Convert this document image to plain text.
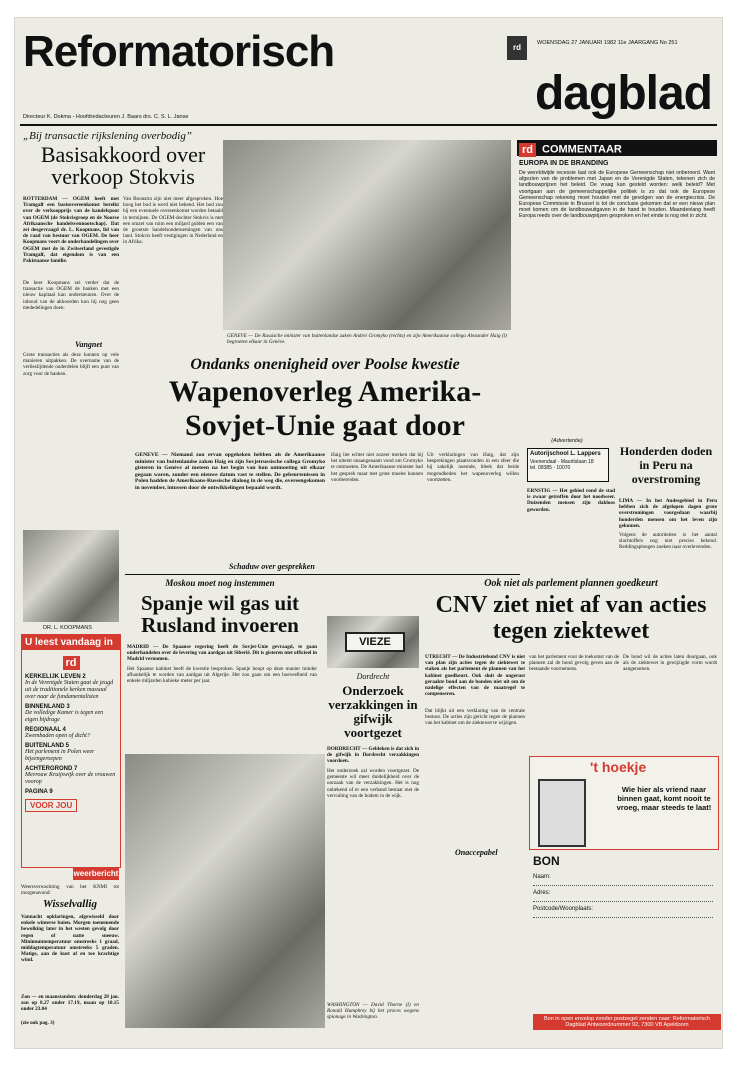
Reformatorisch	rd	WOENSDAG 27 JANUARI 1982 11e JAARGANG No 251
dagblad
Directeur K. Dokma - Hoofdredacteuren J. Baars drs. C. S. L. Janse
„Bij transactie rijkslening overbodig”
Basisakkoord over verkoop Stokvis
ROTTERDAM — OGEM heeft met Tramgalf een basisovereenkomst bereikt over de verkoopprijs van de kandelspoot van OGEM (de Stokvisgroep en de Noorse Afrikaansche handelsvennootschap). Dat zei desgevraagd dr. L. Koopmans, lid van de raad van bestuur van OGEM. De heer Koopmans voert de onderhandelingen over OGEM met de in Zwitserland gevestigde Tramgalf, dat eigendom is van een Pakistaanse familie.
De heer Koopmans zei verder dat de transactie van OGEM de banken met een nieuw kapitaal kan ondersteunen. Over de inhoud van de akkoorden kon hij nog geen mededelingen doen.
Vangnet
Grote transacties als deze kunnen op vele manieren uitpakken. De overname van de verlieslijdende onderdelen blijft een punt van zorg voor de banken.
Van Boonstra zijn niet meer afgesproken. Hoe hoog het bod is werd niet bekend. Het bod zou bij een eventuele overeenkomst worden betaald in termijnen. De OGEM-dochter Stokvis is met een omzet van ruim een miljard gulden een van de grootste handelsondernemingen van ons land. Stokvis heeft vestigingen in Nederland en in Afrika.
DR. L. KOOPMANS
GENEVE — De Russische minister van buitenlandse zaken Andrei Gromyko (rechts) en zijn Amerikaanse collega Alexander Haig (l) begroeten elkaar in Genève.
Ondanks onenigheid over Poolse kwestie
Wapenoverleg Amerika-
Sovjet-Unie gaat door
GENEVE — Niemand zou ervan opgekeken hebben als de Amerikaanse minister van buitenlandse zaken Haig en zijn Sovjetrussische collega Gromyko gisteren in Genève al meteen na het begin van hun ontmoeting uit elkaar gegaan waren, zonder een nieuwe datum vast te stellen. De gebeurtenissen in Polen hadden de Amerikaans-Russische dialoog in de weg die, overeengekomen in november, intussen door de ontwikkelingen bepaald wordt.
Haig liet echter niet zozeer merken dat hij het uiterst onaangenaam vond om Gromyko te ontmoeten. De Amerikaanse minister had het gesprek maar met grote moeite kunnen voorbereiden.
Uit verklaringen van Haig, dat zijn besprekingen plaatsvonden in een sfeer die hij zakelijk noemde, bleek dat beide mogendheden het wapenoverleg willen voortzetten.
Schaduw over gesprekken
U leest vandaag in
rd
KERKELIJK LEVEN 2
In de Verenigde Staten gaat de jeugd uit de traditionele kerken massaal over naar de fundamentalisten
BINNENLAND 3
De volledige Kamer is tegen een eigen bijdrage
REGIONAAL 4
Zwembaden open of dicht?
BUITENLAND 5
Het parlement in Polen weer bijeengeroepen
ACHTERGROND 7
Mevrouw Kruijswijk over de vrouwen voorop
PAGINA 9
VOOR JOU
weerbericht
Weersverwachting van het KNMI tot morgenavond:
Wisselvallig
Vannacht opklaringen, afgewisseld door enkele winterse buien. Morgen toenemende bewolking later in het westen gevolg door regen of natte sneeuw. Minimumtemperatuur omstreeks 1 graad, middagtemperatuur omstreeks 5 graden. Matige, aan de kust af en toe krachtige wind.
Zon — en maanstanden: donderdag 28 jan. zon op 8.27 onder 17.19, maan op 10.15 onder 23.04
(zie ook pag. 3)
Moskou moet nog instemmen
Spanje wil gas uit Rusland invoeren
MADRID — De Spaanse regering heeft de Sovjet-Unie gevraagd, te gaan onderhandelen over de levering van aardgas uit Siberië. Dit is gisteren niet officieel in Madrid vernomen.
Het Spaanse kabinet heeft de kwestie besproken. Spanje hoopt op deze manier minder afhankelijk te worden van aardgas uit Algerije. Het zou gaan om een hoeveelheid van enkele miljarden kubieke meter per jaar.
VIEZE
Dordrecht
Onderzoek verzakkingen in gifwijk voortgezet
DORDRECHT — Gebleken is dat zich in de gifwijk in Dordrecht verzakkingen voordoen.
Het onderzoek zal worden voortgezet. De gemeente wil meer duidelijkheid over de oorzaak van de verzakkingen. Het is nog onbekend of er een verband bestaat met de vervuiling van de bodem in de wijk.
WASHINGTON — David Thorne (l) en Ronald Humphrey bij het proces wegens spionage in Washington.
rd COMMENTAAR
EUROPA IN DE BRANDING
De wereldwijde recessie laat ook de Europese Gemeenschap niet onberoerd. Want afgezien van de problemen met Japan en de Verenigde Staten, tekenen zich de landbouwprijzen het beleid. De vraag kan gesteld worden: welk beleid? Met voortgaan aan de gemeenschappelijke politiek is zo dat ook de Europese Gemeenschap rekening moet houden met de gevolgen van de energiecrisis. De Europese Commissie in Brussel is tot de conclusie gekomen dat er een nieuw plan moet komen om de landbouwuitgaven in de hand te houden. Maandenlang heeft Europa reeds over de landbouwprijzen gesproken en het einde is nog niet in zicht.
(Advertentie)
Autorijschool L. Lappers
Veenendaal - Mauritslaan 18
tel. 08385 - 10070
ERNSTIG — Het gebied rond de stad is zwaar getroffen door het noodweer. Duizenden mensen zijn dakloos geworden.
Honderden doden in Peru na overstroming
LIMA — In het Andesgebied in Peru hebben zich de afgelopen dagen grote overstromingen voorgedaan waarbij honderden mensen om het leven zijn gekomen.
Volgens de autoriteiten is het aantal slachtoffers nog niet precies bekend. Reddingsploegen zoeken naar overlevenden.
Ook niet als parlement plannen goedkeurt
CNV ziet niet af van acties tegen ziektewet
UTRECHT — De Industriebond CNV is niet van plan zijn acties tegen de ziektewet te staken als het parlement de plannen van het kabinet goedkeurt. Ook sluit de ongerust geraakte bond aan de bonden niet uit om de nadelige effecten van de maatregel te compenseren.
Dat blijkt uit een verklaring van de centrale bestuur. De acties zijn gericht tegen de plannen van het kabinet om de ziektewet te wijzigen.
Onaccepabel
van het parlement voor de toekomst van de plannen zal de bond gevolg geven aan de bestaande voornemens.
De bond wil de acties laten doorgaan, ook als de ziektewet in gewijzigde vorm wordt aangenomen.
't hoekje
Wie hier als vriend naar binnen gaat, komt nooit te vroeg, maar steeds te laat!
BON
Naam:
Adres:
Postcode/Woonplaats:
Bon in open envelop zonder postzegel zenden naar: Reformatorisch Dagblad Antwoordnummer 92, 7300 VB Apeldoorn
